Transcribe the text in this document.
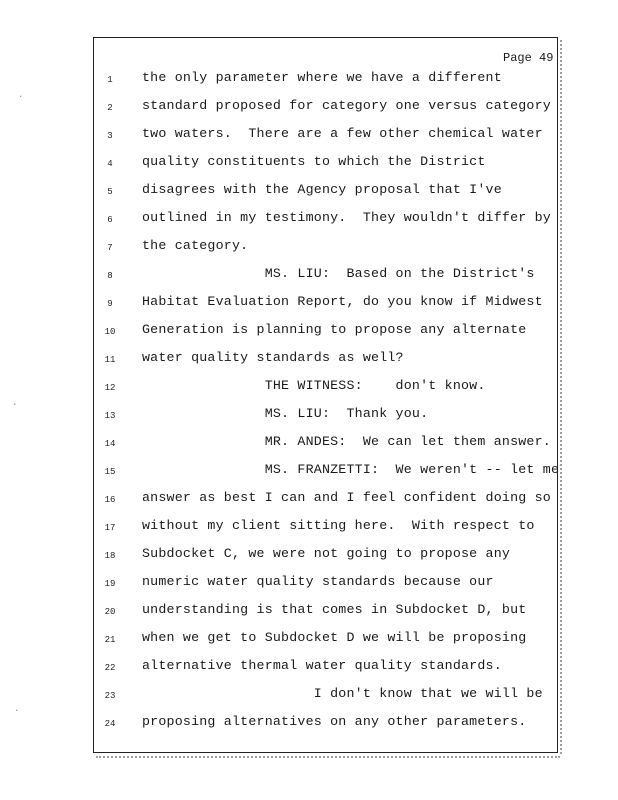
·
·
·
Page 49
1	the only parameter where we have a different
2	standard proposed for category one versus category
3	two waters.  There are a few other chemical water
4	quality constituents to which the District
5	disagrees with the Agency proposal that I've
6	outlined in my testimony.  They wouldn't differ by
7	the category.
8	MS. LIU:  Based on the District's
9	Habitat Evaluation Report, do you know if Midwest
10	Generation is planning to propose any alternate
11	water quality standards as well?
12	THE WITNESS:    don't know.
13	MS. LIU:  Thank you.
14	MR. ANDES:  We can let them answer.
15	MS. FRANZETTI:  We weren't -- let me
16	answer as best I can and I feel confident doing so
17	without my client sitting here.  With respect to
18	Subdocket C, we were not going to propose any
19	numeric water quality standards because our
20	understanding is that comes in Subdocket D, but
21	when we get to Subdocket D we will be proposing
22	alternative thermal water quality standards.
23	I don't know that we will be
24	proposing alternatives on any other parameters.
